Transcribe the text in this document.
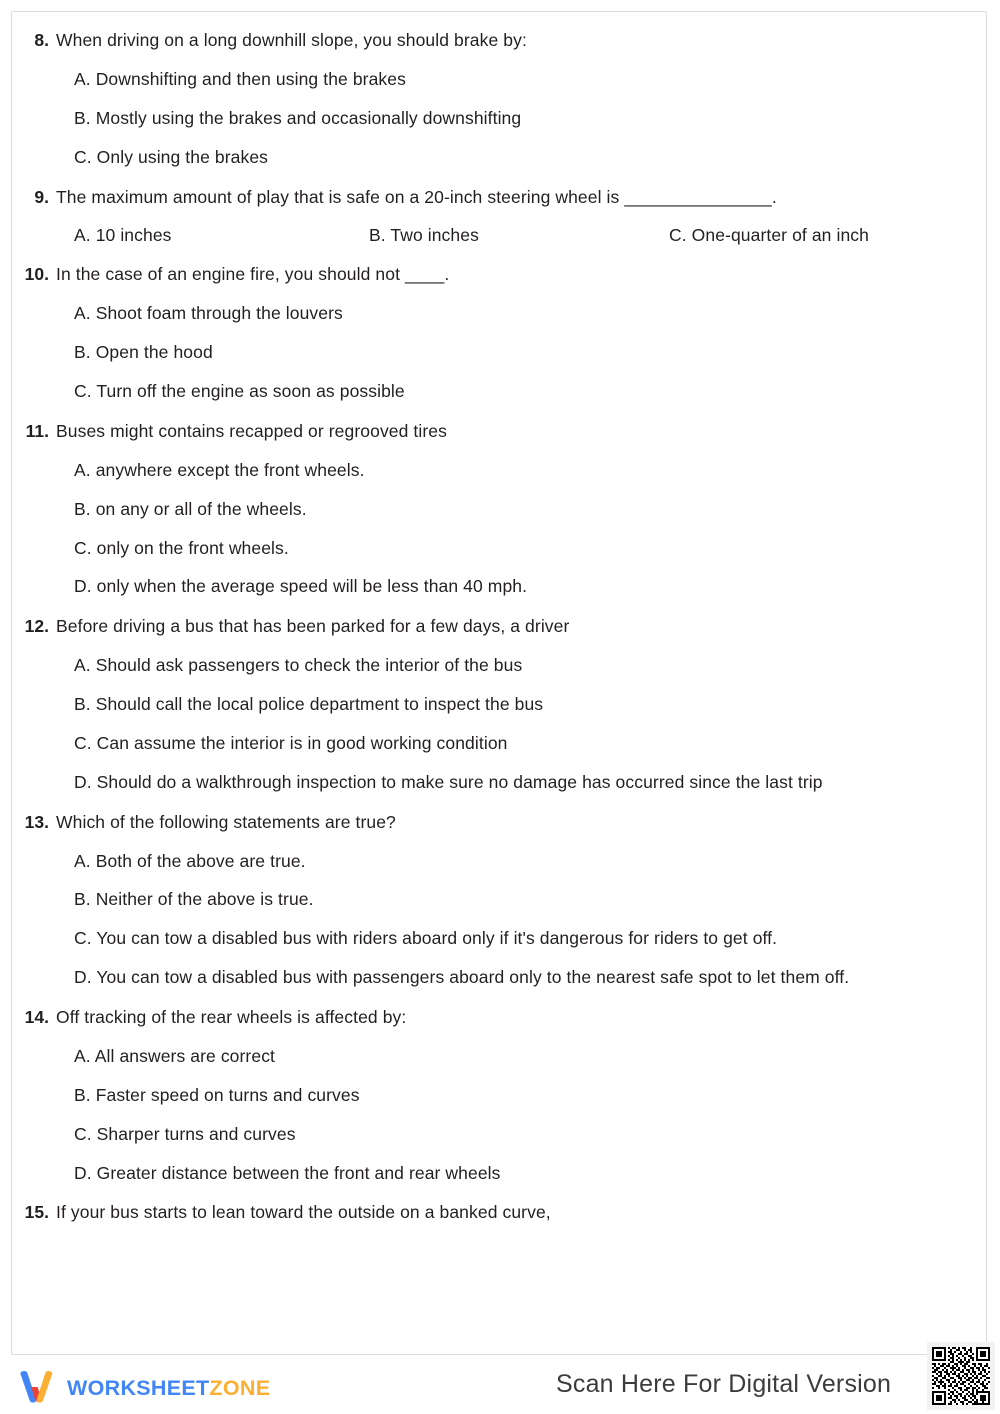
8. When driving on a long downhill slope, you should brake by:
A. Downshifting and then using the brakes
B. Mostly using the brakes and occasionally downshifting
C. Only using the brakes
9. The maximum amount of play that is safe on a 20-inch steering wheel is _______________.
A. 10 inches	B. Two inches	C. One-quarter of an inch
10. In the case of an engine fire, you should not ____.
A. Shoot foam through the louvers
B. Open the hood
C. Turn off the engine as soon as possible
11. Buses might contains recapped or regrooved tires
A. anywhere except the front wheels.
B. on any or all of the wheels.
C. only on the front wheels.
D. only when the average speed will be less than 40 mph.
12. Before driving a bus that has been parked for a few days, a driver
A. Should ask passengers to check the interior of the bus
B. Should call the local police department to inspect the bus
C. Can assume the interior is in good working condition
D. Should do a walkthrough inspection to make sure no damage has occurred since the last trip
13. Which of the following statements are true?
A. Both of the above are true.
B. Neither of the above is true.
C. You can tow a disabled bus with riders aboard only if it's dangerous for riders to get off.
D. You can tow a disabled bus with passengers aboard only to the nearest safe spot to let them off.
14. Off tracking of the rear wheels is affected by:
A. All answers are correct
B. Faster speed on turns and curves
C. Sharper turns and curves
D. Greater distance between the front and rear wheels
15. If your bus starts to lean toward the outside on a banked curve,
WORKSHEETZONE	Scan Here For Digital Version
